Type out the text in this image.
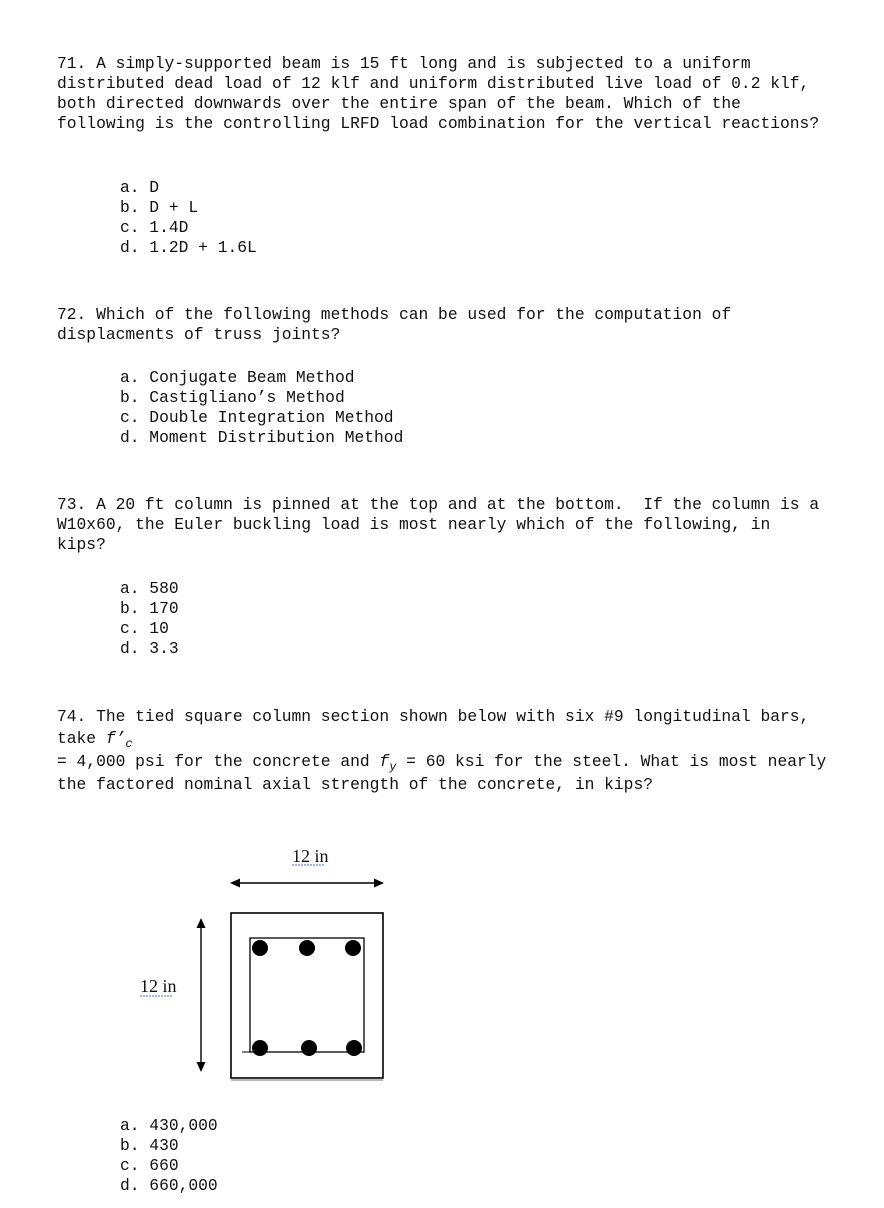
71. A simply-supported beam is 15 ft long and is subjected to a uniform distributed dead load of 12 klf and uniform distributed live load of 0.2 klf, both directed downwards over the entire span of the beam. Which of the following is the controlling LRFD load combination for the vertical reactions?

a. D
b. D + L
c. 1.4D
d. 1.2D + 1.6L

72. Which of the following methods can be used for the computation of displacments of truss joints?

a. Conjugate Beam Method
b. Castigliano’s Method
c. Double Integration Method
d. Moment Distribution Method

73. A 20 ft column is pinned at the top and at the bottom.  If the column is a W10x60, the Euler buckling load is most nearly which of the following, in kips?

a. 580
b. 170
c. 10
d. 3.3

74. The tied square column section shown below with six #9 longitudinal bars, take $f’_c$
= 4,000 psi for the concrete and $f_y = 60$ ksi for the steel. What is most nearly the factored nominal axial strength of the concrete, in kips?

12 in
12 in
a. 430,000
b. 430
c. 660
d. 660,000
